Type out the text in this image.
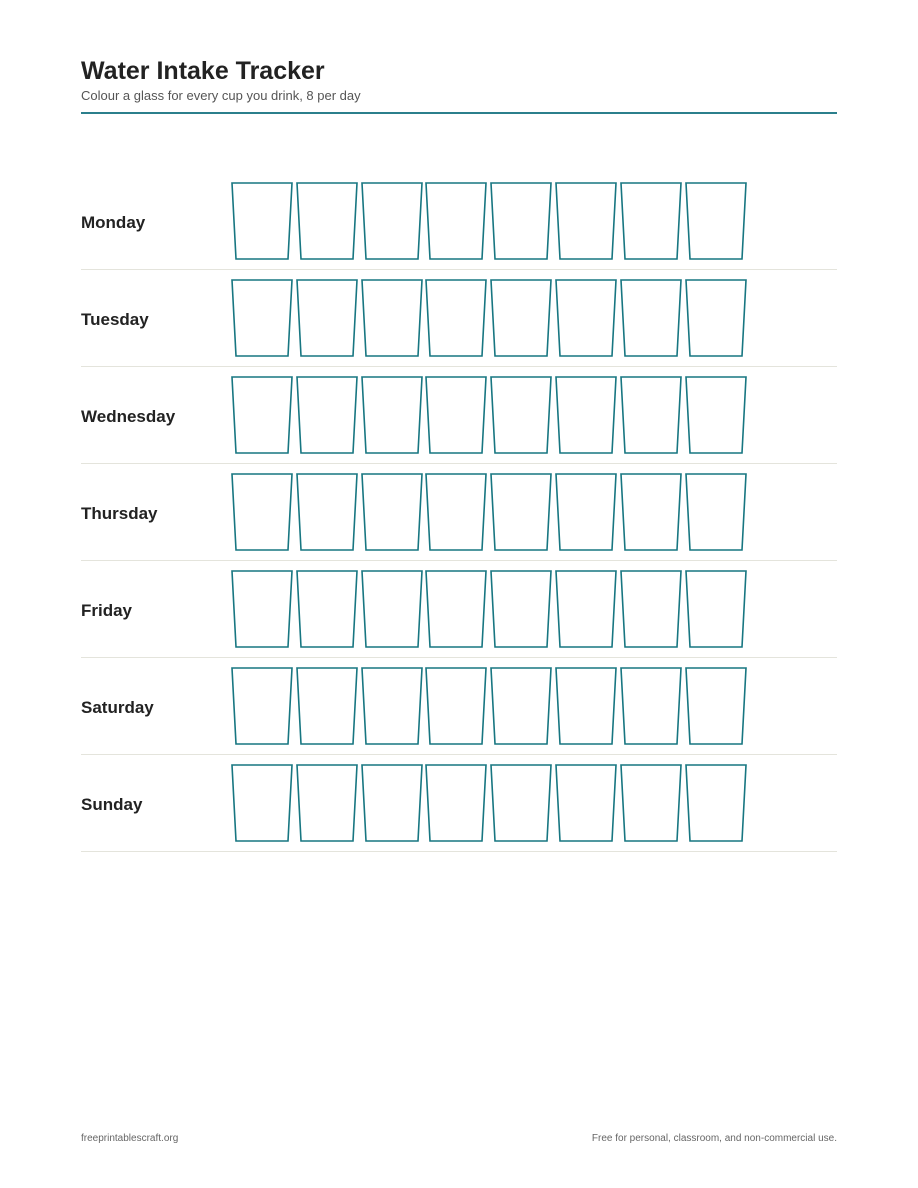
Water Intake Tracker
Colour a glass for every cup you drink, 8 per day
Monday
Tuesday
Wednesday
Thursday
Friday
Saturday
Sunday
freeprintablescraft.org	Free for personal, classroom, and non-commercial use.
